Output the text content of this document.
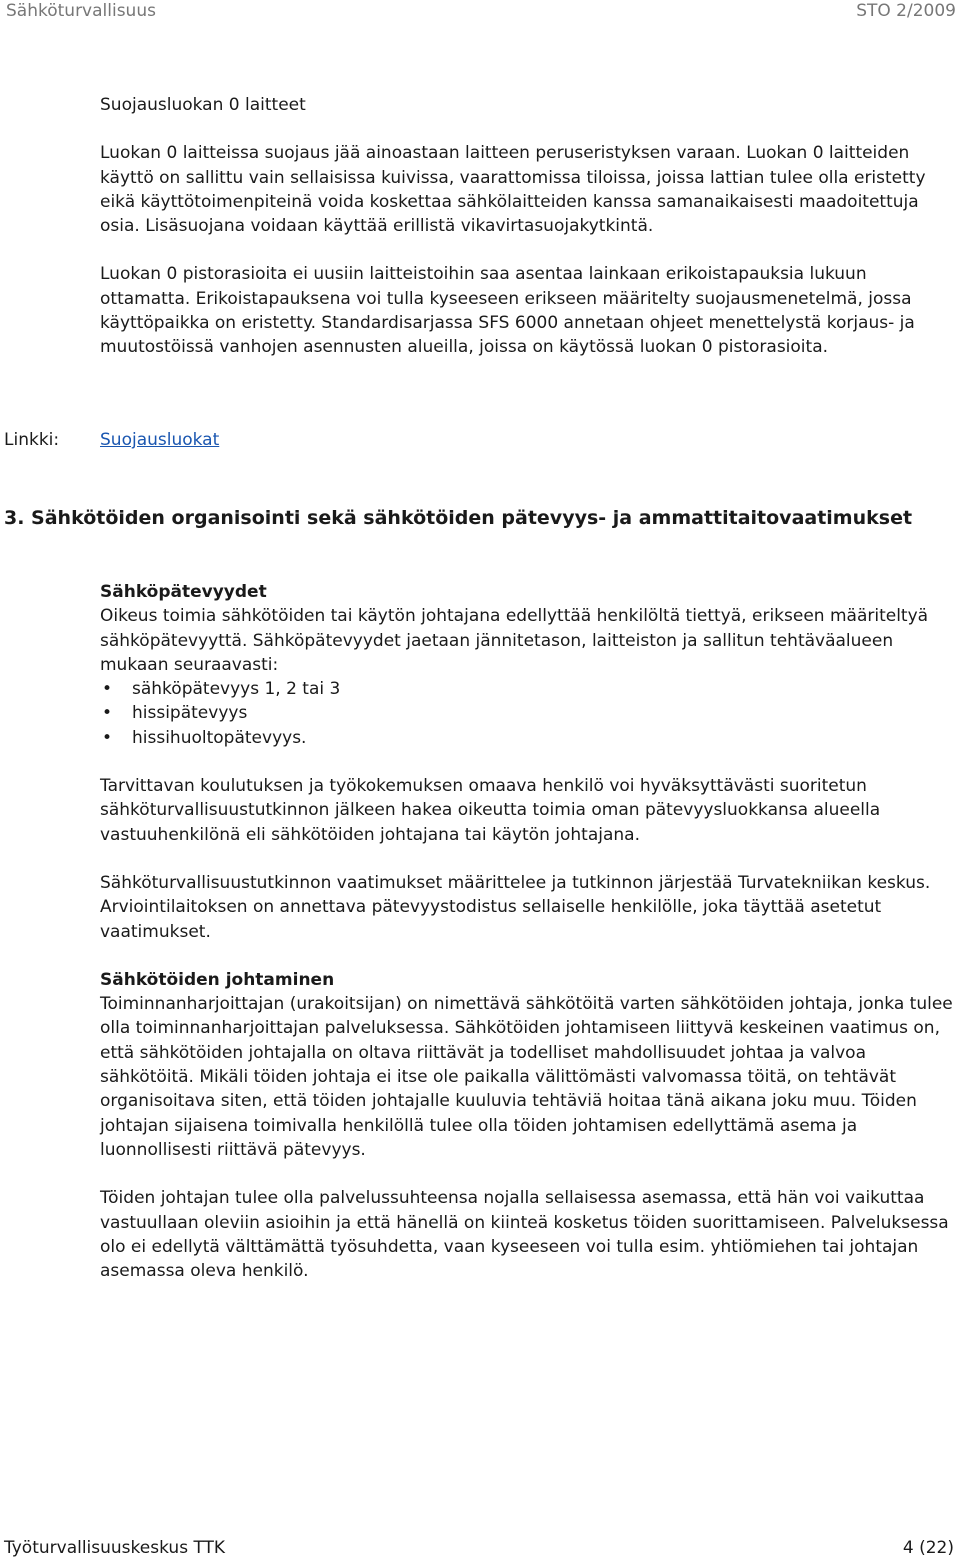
Sähköturvallisuus	STO 2/2009

Suojausluokan 0 laitteet

Luokan 0 laitteissa suojaus jää ainoastaan laitteen peruseristyksen varaan. Luokan 0 laitteiden käyttö on sallittu vain sellaisissa kuivissa, vaarattomissa tiloissa, joissa lattian tulee olla eristetty eikä käyttötoimenpiteinä voida koskettaa sähkölaitteiden kanssa samanaikaisesti maadoitettuja osia. Lisäsuojana voidaan käyttää erillistä vikavirtasuojakytkintä.

Luokan 0 pistorasioita ei uusiin laitteistoihin saa asentaa lainkaan erikoistapauksia lukuun ottamatta. Erikoistapauksena voi tulla kyseeseen erikseen määritelty suojausmenetelmä, jossa käyttöpaikka on eristetty. Standardisarjassa SFS 6000 annetaan ohjeet menettelystä korjaus- ja muutostöissä vanhojen asennusten alueilla, joissa on käytössä luokan 0 pistorasioita.

Linkki: Suojausluokat

3. Sähkötöiden organisointi sekä sähkötöiden pätevyys- ja ammattitaitovaatimukset

Sähköpätevyydet

Oikeus toimia sähkötöiden tai käytön johtajana edellyttää henkilöltä tiettyä, erikseen määriteltyä sähköpätevyyttä. Sähköpätevyydet jaetaan jännitetason, laitteiston ja sallitun tehtäväalueen mukaan seuraavasti:

• sähköpätevyys 1, 2 tai 3
• hissipätevyys
• hissihuoltopätevyys.

Tarvittavan koulutuksen ja työkokemuksen omaava henkilö voi hyväksyttävästi suoritetun sähköturvallisuustutkinnon jälkeen hakea oikeutta toimia oman pätevyysluokkansa alueella vastuuhenkilönä eli sähkötöiden johtajana tai käytön johtajana.

Sähköturvallisuustutkinnon vaatimukset määrittelee ja tutkinnon järjestää Turvatekniikan keskus. Arviointilaitoksen on annettava pätevyystodistus sellaiselle henkilölle, joka täyttää asetetut vaatimukset.

Sähkötöiden johtaminen

Toiminnanharjoittajan (urakoitsijan) on nimettävä sähkötöitä varten sähkötöiden johtaja, jonka tulee olla toiminnanharjoittajan palveluksessa. Sähkötöiden johtamiseen liittyvä keskeinen vaatimus on, että sähkötöiden johtajalla on oltava riittävät ja todelliset mahdollisuudet johtaa ja valvoa sähkötöitä. Mikäli töiden johtaja ei itse ole paikalla välittömästi valvomassa töitä, on tehtävät organisoitava siten, että töiden johtajalle kuuluvia tehtäviä hoitaa tänä aikana joku muu. Töiden johtajan sijaisena toimivalla henkilöllä tulee olla töiden johtamisen edellyttämä asema ja luonnollisesti riittävä pätevyys.

Töiden johtajan tulee olla palvelussuhteensa nojalla sellaisessa asemassa, että hän voi vaikuttaa vastuullaan oleviin asioihin ja että hänellä on kiinteä kosketus töiden suorittamiseen. Palveluksessa olo ei edellytä välttämättä työsuhdetta, vaan kyseeseen voi tulla esim. yhtiömiehen tai johtajan asemassa oleva henkilö.

Työturvallisuuskeskus TTK	4 (22)
